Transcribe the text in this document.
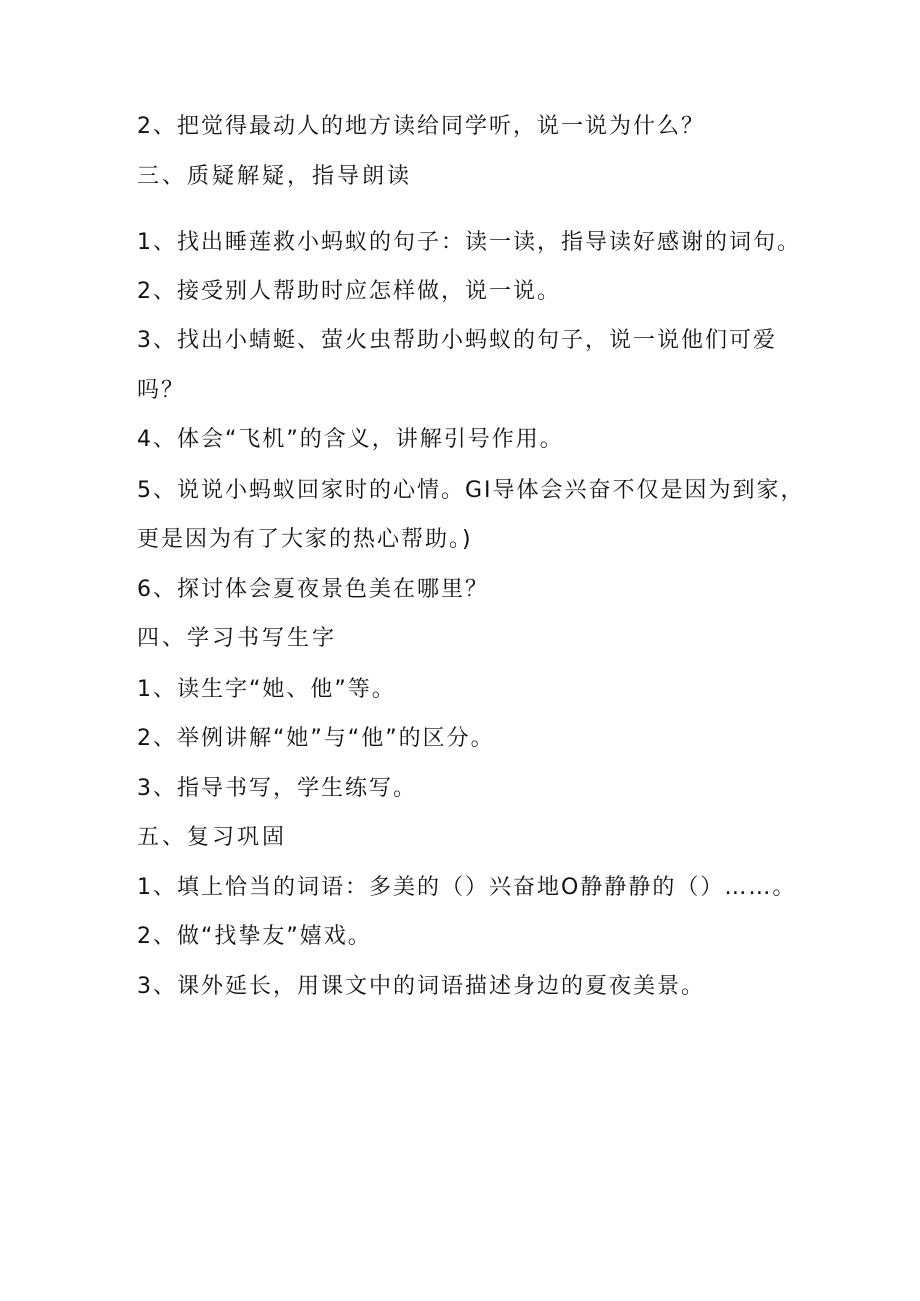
2、把觉得最动人的地方读给同学听，说一说为什么？
三、质疑解疑，指导朗读
1、找出睡莲救小蚂蚁的句子：读一读，指导读好感谢的词句。
2、接受别人帮助时应怎样做，说一说。
3、找出小蜻蜓、萤火虫帮助小蚂蚁的句子，说一说他们可爱
吗？
4、体会“飞机”的含义，讲解引号作用。
5、说说小蚂蚁回家时的心情。GI导体会兴奋不仅是因为到家，
更是因为有了大家的热心帮助。)
6、探讨体会夏夜景色美在哪里？
四、学习书写生字
1、读生字“她、他”等。
2、举例讲解“她”与“他”的区分。
3、指导书写，学生练写。
五、复习巩固
1、填上恰当的词语：多美的（）兴奋地O静静静的（）……。
2、做“找挚友”嬉戏。
3、课外延长，用课文中的词语描述身边的夏夜美景。
